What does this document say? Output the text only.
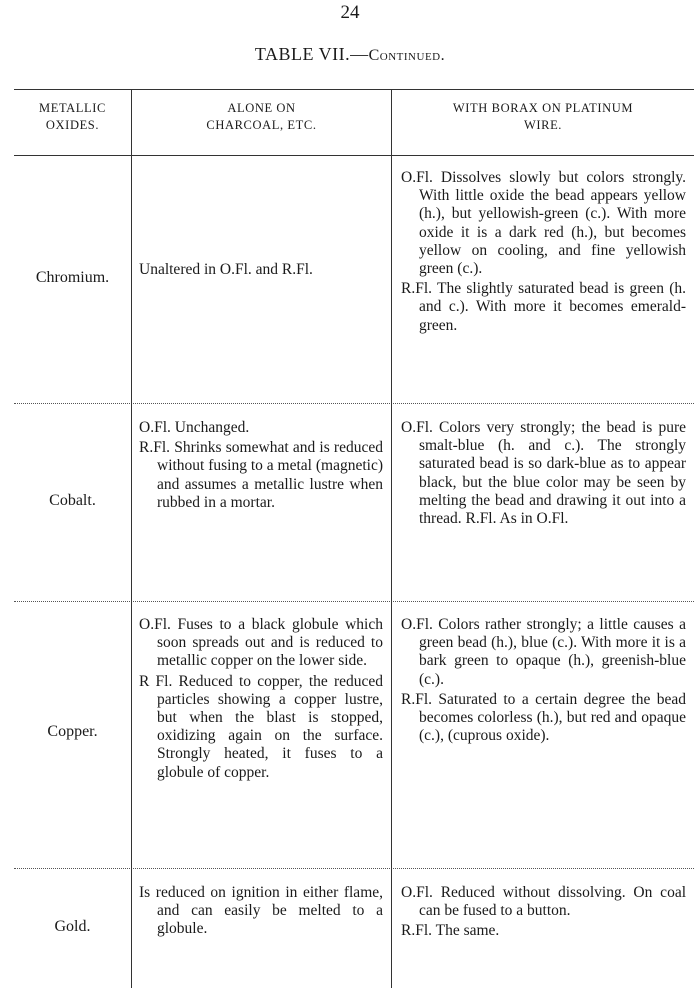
24
TABLE VII.—Continued.
METALLIC
OXIDES.
ALONE ON
CHARCOAL, ETC.
WITH BORAX ON PLATINUM
WIRE.
Chromium.	Unaltered in O.Fl. and R.Fl.

O.Fl. Dissolves slowly but colors strongly. With little oxide the bead appears yellow (h.), but yellowish-green (c.). With more oxide it is a dark red (h.), but becomes yellow on cooling, and fine yellowish green (c.).

R.Fl. The slightly saturated bead is green (h. and c.). With more it becomes emerald-green.

Cobalt.

O.Fl. Unchanged.

R.Fl. Shrinks somewhat and is reduced without fusing to a metal (magnetic) and assumes a metallic lustre when rubbed in a mortar.

O.Fl. Colors very strongly; the bead is pure smalt-blue (h. and c.). The strongly saturated bead is so dark-blue as to appear black, but the blue color may be seen by melting the bead and drawing it out into a thread. R.Fl. As in O.Fl.

Copper.

O.Fl. Fuses to a black globule which soon spreads out and is reduced to metallic copper on the lower side.

R Fl. Reduced to copper, the reduced particles showing a copper lustre, but when the blast is stopped, oxidizing again on the surface. Strongly heated, it fuses to a globule of copper.

O.Fl. Colors rather strongly; a little causes a green bead (h.), blue (c.). With more it is a bark green to opaque (h.), greenish-blue (c.).

R.Fl. Saturated to a certain degree the bead becomes colorless (h.), but red and opaque (c.), (cuprous oxide).

Gold.

Is reduced on ignition in either flame, and can easily be melted to a globule.

O.Fl. Reduced without dissolving. On coal can be fused to a button.

R.Fl. The same.
